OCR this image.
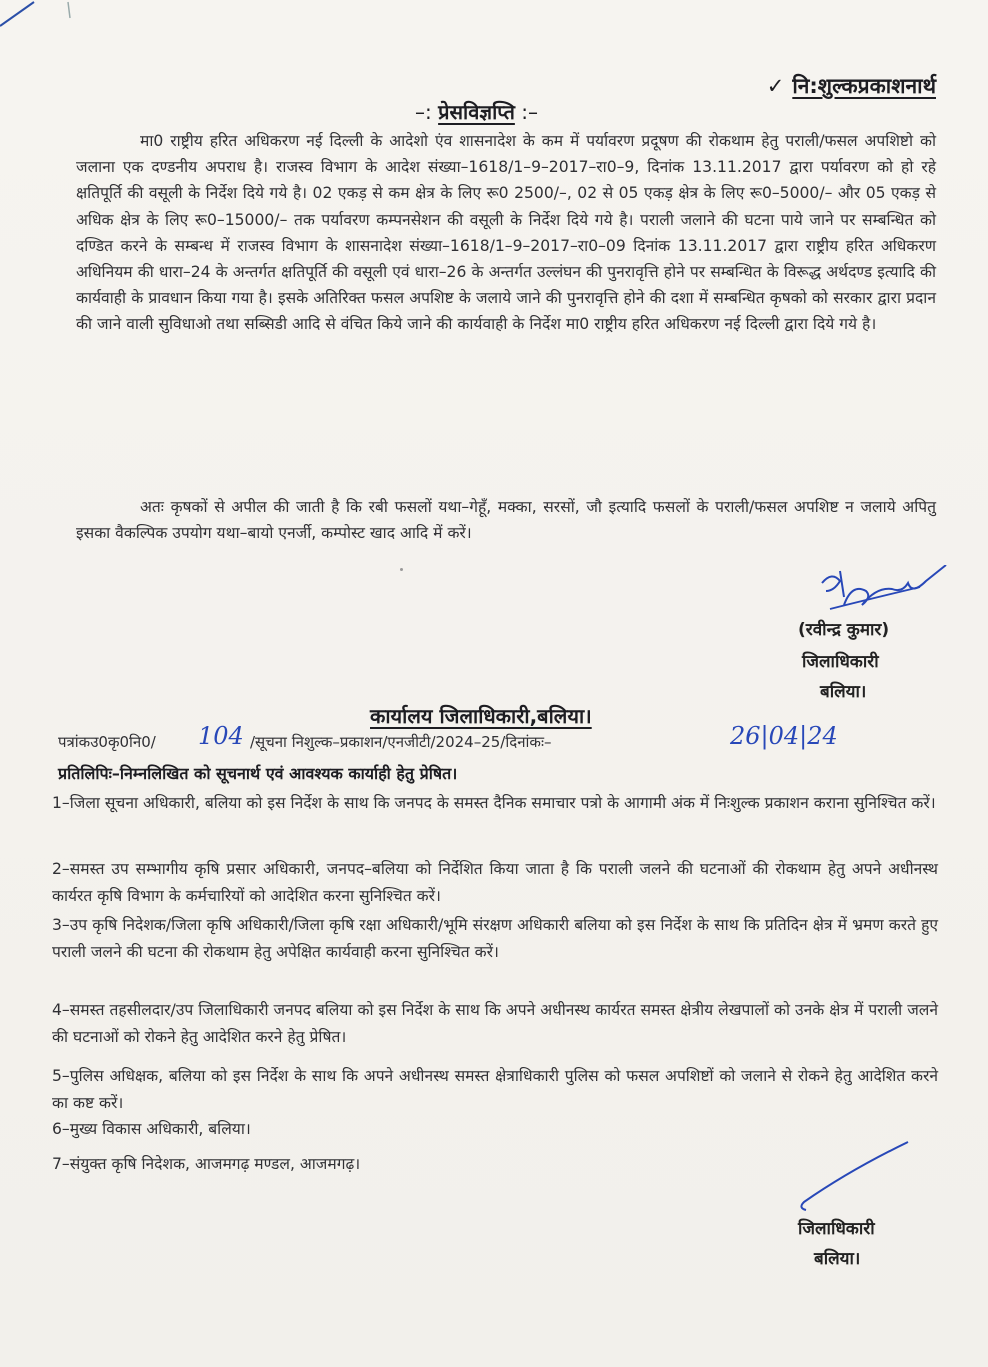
✓ नि:शुल्कप्रकाशनार्थ
–: प्रेसविज्ञप्ति :–
मा0 राष्ट्रीय हरित अधिकरण नई दिल्ली के आदेशो एंव शासनादेश के कम में पर्यावरण प्रदूषण की रोकथाम हेतु पराली/फसल अपशिष्टो को जलाना एक दण्डनीय अपराध है। राजस्व विभाग के आदेश संख्या–1618/1–9–2017–रा0–9, दिनांक 13.11.2017 द्वारा पर्यावरण को हो रहे क्षतिपूर्ति की वसूली के निर्देश दिये गये है। 02 एकड़ से कम क्षेत्र के लिए रू0 2500/–, 02 से 05 एकड़ क्षेत्र के लिए रू0–5000/– और 05 एकड़ से अधिक क्षेत्र के लिए रू0–15000/– तक पर्यावरण कम्पनसेशन की वसूली के निर्देश दिये गये है। पराली जलाने की घटना पाये जाने पर सम्बन्धित को दण्डित करने के सम्बन्ध में राजस्व विभाग के शासनादेश संख्या–1618/1–9–2017–रा0–09 दिनांक 13.11.2017 द्वारा राष्ट्रीय हरित अधिकरण अधिनियम की धारा–24 के अन्तर्गत क्षतिपूर्ति की वसूली एवं धारा–26 के अन्तर्गत उल्लंघन की पुनरावृत्ति होने पर सम्बन्धित के विरूद्ध अर्थदण्ड इत्यादि की कार्यवाही के प्रावधान किया गया है। इसके अतिरिक्त फसल अपशिष्ट के जलाये जाने की पुनरावृत्ति होने की दशा में सम्बन्धित कृषको को सरकार द्वारा प्रदान की जाने वाली सुविधाओ तथा सब्सिडी आदि से वंचित किये जाने की कार्यवाही के निर्देश मा0 राष्ट्रीय हरित अधिकरण नई दिल्ली द्वारा दिये गये है।
अतः कृषकों से अपील की जाती है कि रबी फसलों यथा–गेहूँ, मक्का, सरसों, जौ इत्यादि फसलों के पराली/फसल अपशिष्ट न जलाये अपितु इसका वैकल्पिक उपयोग यथा–बायो एनर्जी, कम्पोस्ट खाद आदि में करें।
(रवीन्द्र कुमार)
जिलाधिकारी
बलिया।
कार्यालय जिलाधिकारी,बलिया।
पत्रांकउ0कृ0नि0/ 104 /सूचना निशुल्क–प्रकाशन/एनजीटी/2024–25/दिनांकः–	26|04|24
प्रतिलिपिः–निम्नलिखित को सूचनार्थ एवं आवश्यक कार्याही हेतु प्रेषित।
1–जिला सूचना अधिकारी, बलिया को इस निर्देश के साथ कि जनपद के समस्त दैनिक समाचार पत्रो के आगामी अंक में निःशुल्क प्रकाशन कराना सुनिश्चित करें।
2–समस्त उप सम्भागीय कृषि प्रसार अधिकारी, जनपद–बलिया को निर्देशित किया जाता है कि पराली जलने की घटनाओं की रोकथाम हेतु अपने अधीनस्थ कार्यरत कृषि विभाग के कर्मचारियों को आदेशित करना सुनिश्चित करें।
3–उप कृषि निदेशक/जिला कृषि अधिकारी/जिला कृषि रक्षा अधिकारी/भूमि संरक्षण अधिकारी बलिया को इस निर्देश के साथ कि प्रतिदिन क्षेत्र में भ्रमण करते हुए पराली जलने की घटना की रोकथाम हेतु अपेक्षित कार्यवाही करना सुनिश्चित करें।
4–समस्त तहसीलदार/उप जिलाधिकारी जनपद बलिया को इस निर्देश के साथ कि अपने अधीनस्थ कार्यरत समस्त क्षेत्रीय लेखपालों को उनके क्षेत्र में पराली जलने की घटनाओं को रोकने हेतु आदेशित करने हेतु प्रेषित।
5–पुलिस अधिक्षक, बलिया को इस निर्देश के साथ कि अपने अधीनस्थ समस्त क्षेत्राधिकारी पुलिस को फसल अपशिष्टों को जलाने से रोकने हेतु आदेशित करने का कष्ट करें।
6–मुख्य विकास अधिकारी, बलिया।
7–संयुक्त कृषि निदेशक, आजमगढ़ मण्डल, आजमगढ़।
जिलाधिकारी
बलिया।
